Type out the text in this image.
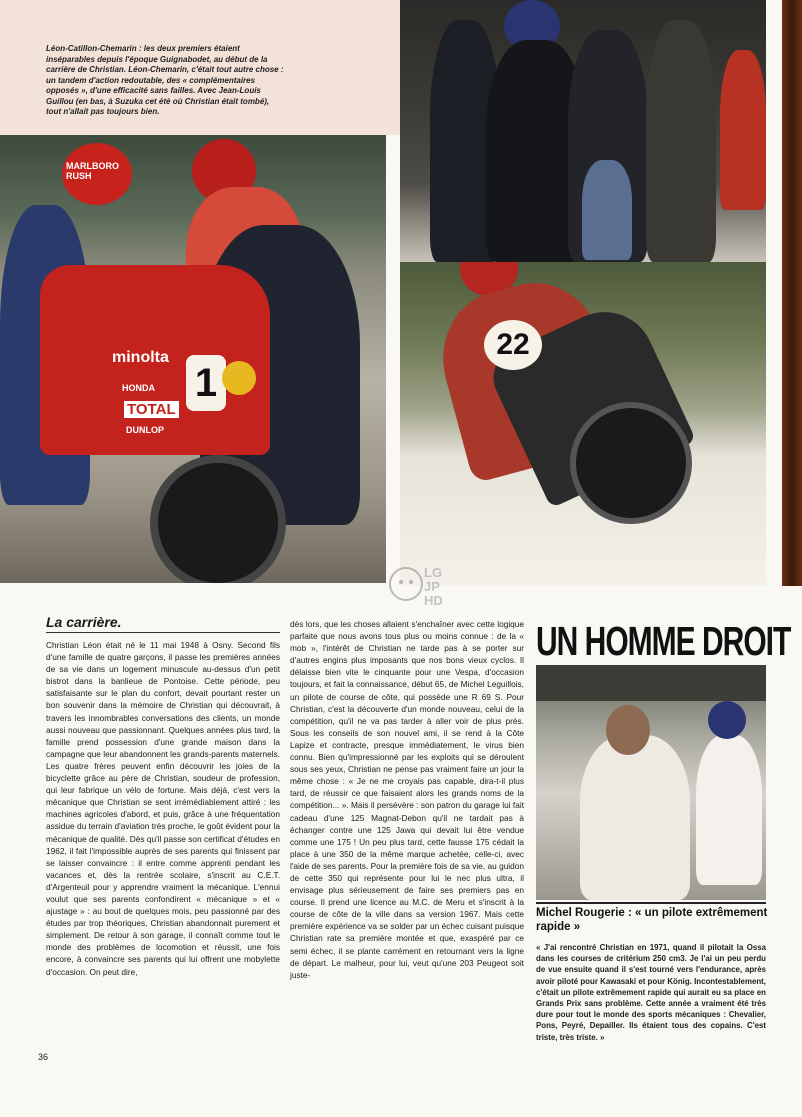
Léon-Catillon-Chemarin : les deux premiers étaient inséparables depuis l'époque Guignabodet, au début de la carrière de Christian. Léon-Chemarin, c'était tout autre chose : un tandem d'action redoutable, des « complémentaires opposés », d'une efficacité sans failles. Avec Jean-Louis Guillou (en bas, à Suzuka cet été où Christian était tombé), tout n'allait pas toujours bien.

MARLBORO RUSH
minolta
HONDA
TOTAL
DUNLOP
1
22
LG JP HD
La carrière.

Christian Léon était né le 11 mai 1948 à Osny. Second fils d'une famille de quatre garçons, il passe les premières années de sa vie dans un logement minuscule au-dessus d'un petit bistrot dans la banlieue de Pontoise. Cette période, peu satisfaisante sur le plan du confort, devait pourtant rester un bon souvenir dans la mémoire de Christian qui découvrait, à travers les innombrables conversations des clients, un monde aussi nouveau que passionnant. Quelques années plus tard, la famille prend possession d'une grande maison dans la campagne que leur abandonnent les grands-parents maternels. Les quatre frères peuvent enfin découvrir les joies de la bicyclette grâce au père de Christian, soudeur de profession, qui leur fabrique un vélo de fortune. Mais déjà, c'est vers la mécanique que Christian se sent irrémédiablement attiré : les machines agricoles d'abord, et puis, grâce à une fréquentation assidue du terrain d'aviation très proche, le goût évident pour la mécanique de qualité. Dès qu'il passe son certificat d'études en 1962, il fait l'impossible auprès de ses parents qui finissent par se laisser convaincre : il entre comme apprenti pendant les vacances et, dès la rentrée scolaire, s'inscrit au C.E.T. d'Argenteuil pour y apprendre vraiment la mécanique. L'ennui voulut que ses parents confondirent « mécanique » et « ajustage » : au bout de quelques mois, peu passionné par des études par trop théoriques, Christian abandonnait purement et simplement. De retour à son garage, il connaît comme tout le monde des problèmes de locomotion et réussit, une fois encore, à convaincre ses parents qui lui offrent une mobylette d'occasion. On peut dire,

dès lors, que les choses allaient s'enchaîner avec cette logique parfaite que nous avons tous plus ou moins connue : de la « mob », l'intérêt de Christian ne tarde pas à se porter sur d'autres engins plus imposants que nos bons vieux cyclos. Il délaisse bien vite le cinquante pour une Vespa, d'occasion toujours, et fait la connaissance, début 65, de Michel Leguillois, un pilote de course de côte, qui possède une R 69 S. Pour Christian, c'est la découverte d'un monde nouveau, celui de la compétition, qu'il ne va pas tarder à aller voir de plus près. Sous les conseils de son nouvel ami, il se rend à la Côte Lapize et contracte, presque immédiatement, le virus bien connu. Bien qu'impressionné par les exploits qui se déroulent sous ses yeux, Christian ne pense pas vraiment faire un jour la même chose : « Je ne me croyais pas capable, dira-t-il plus tard, de réussir ce que faisaient alors les grands noms de la compétition... ». Mais il persévère : son patron du garage lui fait cadeau d'une 125 Magnat-Debon qu'il ne tardait pas à échanger contre une 125 Jawa qui devait lui être vendue comme une 175 ! Un peu plus tard, cette fausse 175 cédait la place à une 350 de la même marque achetée, celle-ci, avec l'aide de ses parents. Pour la première fois de sa vie, au guidon de cette 350 qui représente pour lui le nec plus ultra, il envisage plus sérieusement de faire ses premiers pas en course. Il prend une licence au M.C. de Meru et s'inscrit à la course de côte de la ville dans sa version 1967. Mais cette première expérience va se solder par un échec cuisant puisque Christian rate sa première montée et que, exaspéré par ce semi échec, il se plante carrément en retournant vers la ligne de départ. Le malheur, pour lui, veut qu'une 203 Peugeot soit juste-

UN HOMME DROIT

Michel Rougerie : « un pilote extrêmement rapide »

« J'ai rencontré Christian en 1971, quand il pilotait la Ossa dans les courses de critérium 250 cm3. Je l'ai un peu perdu de vue ensuite quand il s'est tourné vers l'endurance, après avoir piloté pour Kawasaki et pour König. Incontestablement, c'était un pilote extrêmement rapide qui aurait eu sa place en Grands Prix sans problème. Cette année a vraiment été très dure pour tout le monde des sports mécaniques : Chevalier, Pons, Peyré, Depailler. Ils étaient tous des copains. C'est triste, très triste. »

36
